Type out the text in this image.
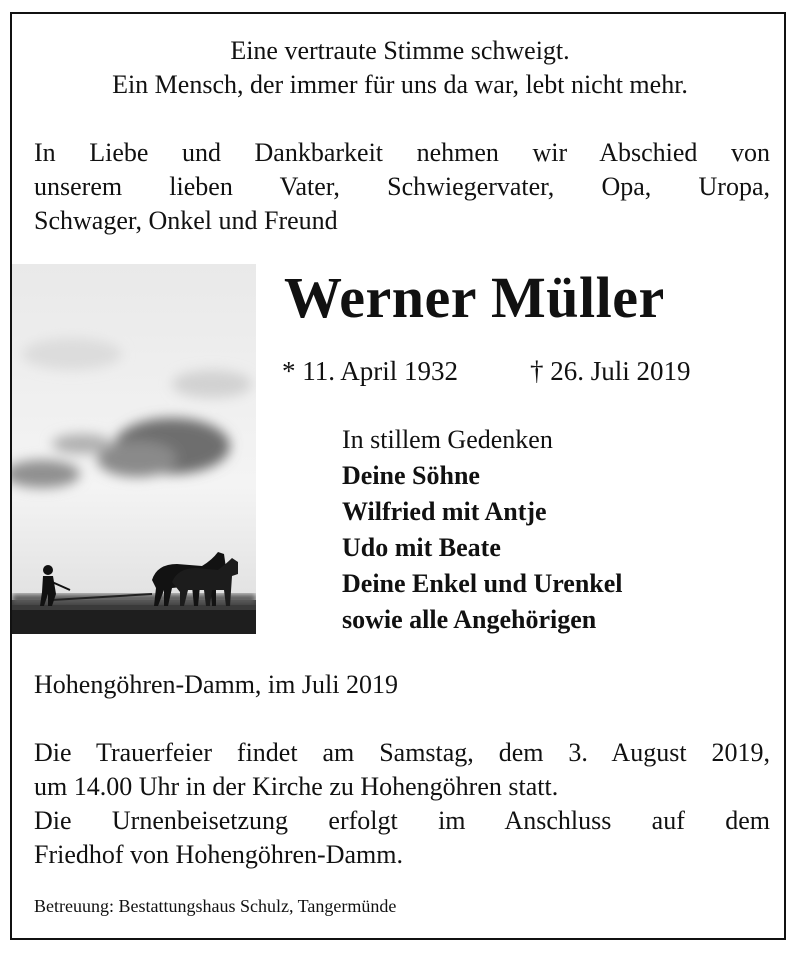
Eine vertraute Stimme schweigt.
Ein Mensch, der immer für uns da war, lebt nicht mehr.
In Liebe und Dankbarkeit nehmen wir Abschied von
unserem lieben Vater, Schwiegervater, Opa, Uropa,
Schwager, Onkel und Freund
Werner Müller
* 11. April 1932	† 26. Juli 2019
In stillem Gedenken
Deine Söhne
Wilfried mit Antje
Udo mit Beate
Deine Enkel und Urenkel
sowie alle Angehörigen
Hohengöhren-Damm, im Juli 2019
Die Trauerfeier findet am Samstag, dem 3. August 2019,
um 14.00 Uhr in der Kirche zu Hohengöhren statt.
Die Urnenbeisetzung erfolgt im Anschluss auf dem
Friedhof von Hohengöhren-Damm.
Betreuung: Bestattungshaus Schulz, Tangermünde
